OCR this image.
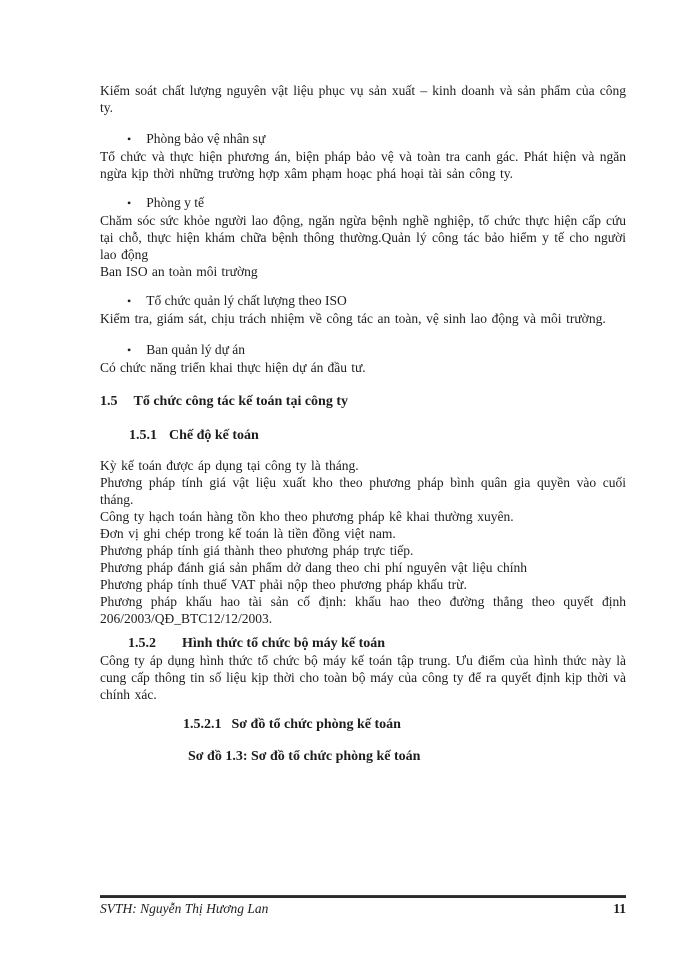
Kiểm soát chất lượng nguyên vật liệu phục vụ sản xuất – kinh doanh và sản phẩm của công ty.

• Phòng bảo vệ nhân sự

Tổ chức và thực hiện phương án, biện pháp bảo vệ và toàn tra canh gác. Phát hiện và ngăn ngừa kịp thời những trường hợp xâm phạm hoạc phá hoại tài sản công ty.

• Phòng y tế

Chăm sóc sức khỏe người lao động, ngăn ngừa bệnh nghề nghiệp, tổ chức thực hiện cấp cứu tại chỗ, thực hiện khám chữa bệnh thông thường.Quản lý công tác bảo hiểm y tế cho người lao động

Ban ISO an toàn môi trường

• Tổ chức quản lý chất lượng theo ISO

Kiểm tra, giám sát, chịu trách nhiệm về công tác an toàn, vệ sinh lao động và môi trường.

• Ban quản lý dự án

Có chức năng triển khai thực hiện dự án đầu tư.

1.5 Tổ chức công tác kế toán tại công ty
1.5.1 Chế độ kế toán

Kỳ kế toán được áp dụng tại công ty là tháng.

Phương pháp tính giá vật liệu xuất kho theo phương pháp bình quân gia quyền vào cuối tháng.

Công ty hạch toán hàng tồn kho theo phương pháp kê khai thường xuyên.

Đơn vị ghi chép trong kế toán là tiền đồng việt nam.

Phương pháp tính giá thành theo phương pháp trực tiếp.

Phương pháp đánh giá sản phẩm dở dang theo chi phí nguyên vật liệu chính

Phương pháp tính thuế VAT phải nộp theo phương pháp khấu trừ.

Phương pháp khấu hao tài sản cố định: khấu hao theo đường thẳng theo quyết định 206/2003/QĐ_BTC12/12/2003.

1.5.2 Hình thức tổ chức bộ máy kế toán

Công ty áp dụng hình thức tổ chức bộ máy kế toán tập trung. Ưu điểm của hình thức này là cung cấp thông tin số liệu kịp thời cho toàn bộ máy của công ty để ra quyết định kịp thời và chính xác.

1.5.2.1 Sơ đồ tổ chức phòng kế toán
Sơ đồ 1.3: Sơ đồ tổ chức phòng kế toán
SVTH: Nguyễn Thị Hương Lan	11
